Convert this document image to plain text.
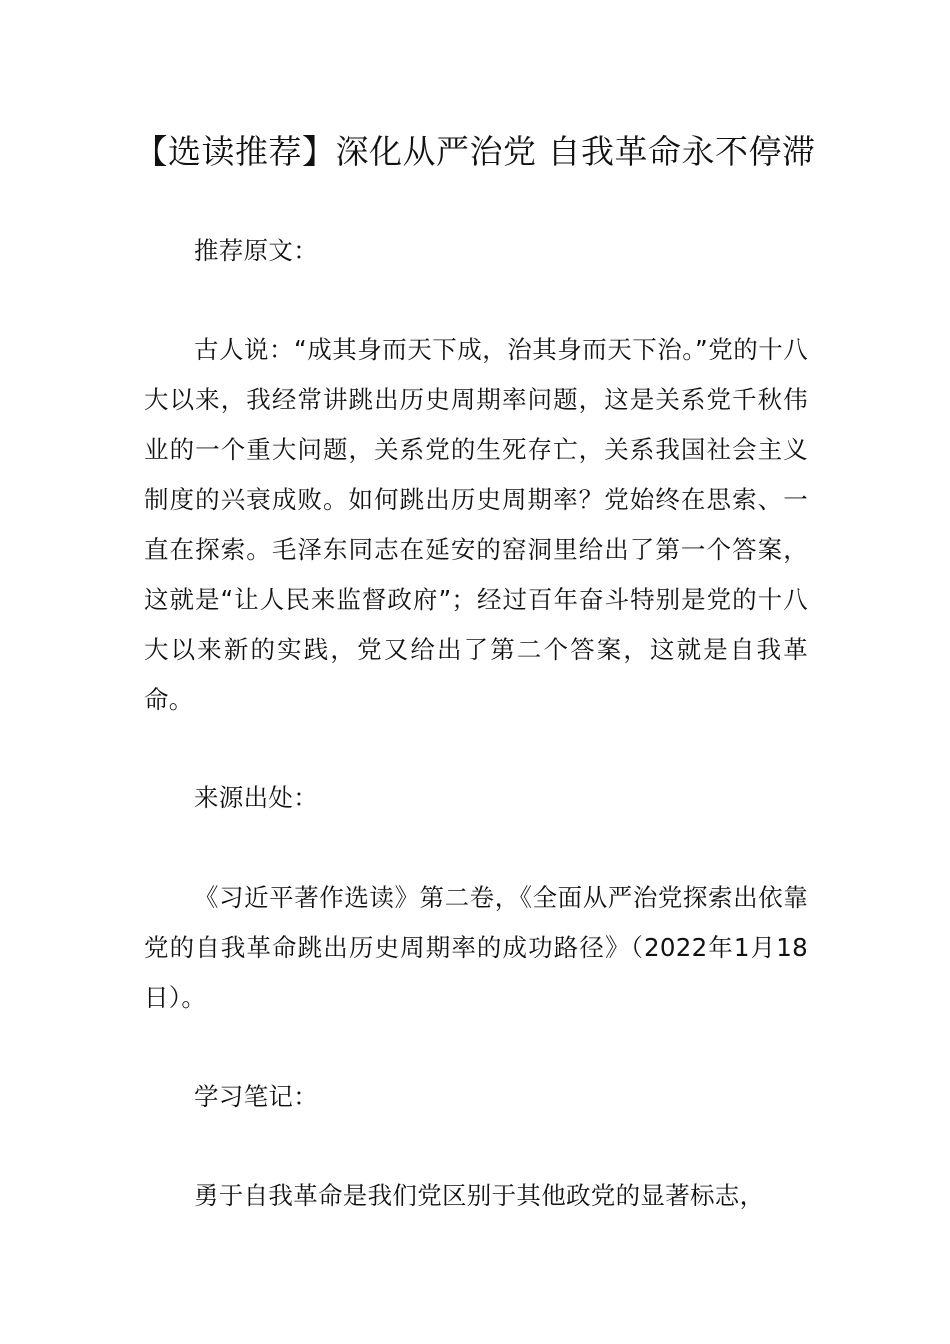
【选读推荐】深化从严治党 自我革命永不停滞
推荐原文：
古人说：“成其身而天下成，治其身而天下治。”党的十八大以来，我经常讲跳出历史周期率问题，这是关系党千秋伟业的一个重大问题，关系党的生死存亡，关系我国社会主义制度的兴衰成败。如何跳出历史周期率？党始终在思索、一直在探索。毛泽东同志在延安的窑洞里给出了第一个答案，这就是“让人民来监督政府”；经过百年奋斗特别是党的十八大以来新的实践，党又给出了第二个答案，这就是自我革命。
来源出处：
《习近平著作选读》第二卷，《全面从严治党探索出依靠党的自我革命跳出历史周期率的成功路径》（2022年1月18日）。
学习笔记：
勇于自我革命是我们党区别于其他政党的显著标志，
